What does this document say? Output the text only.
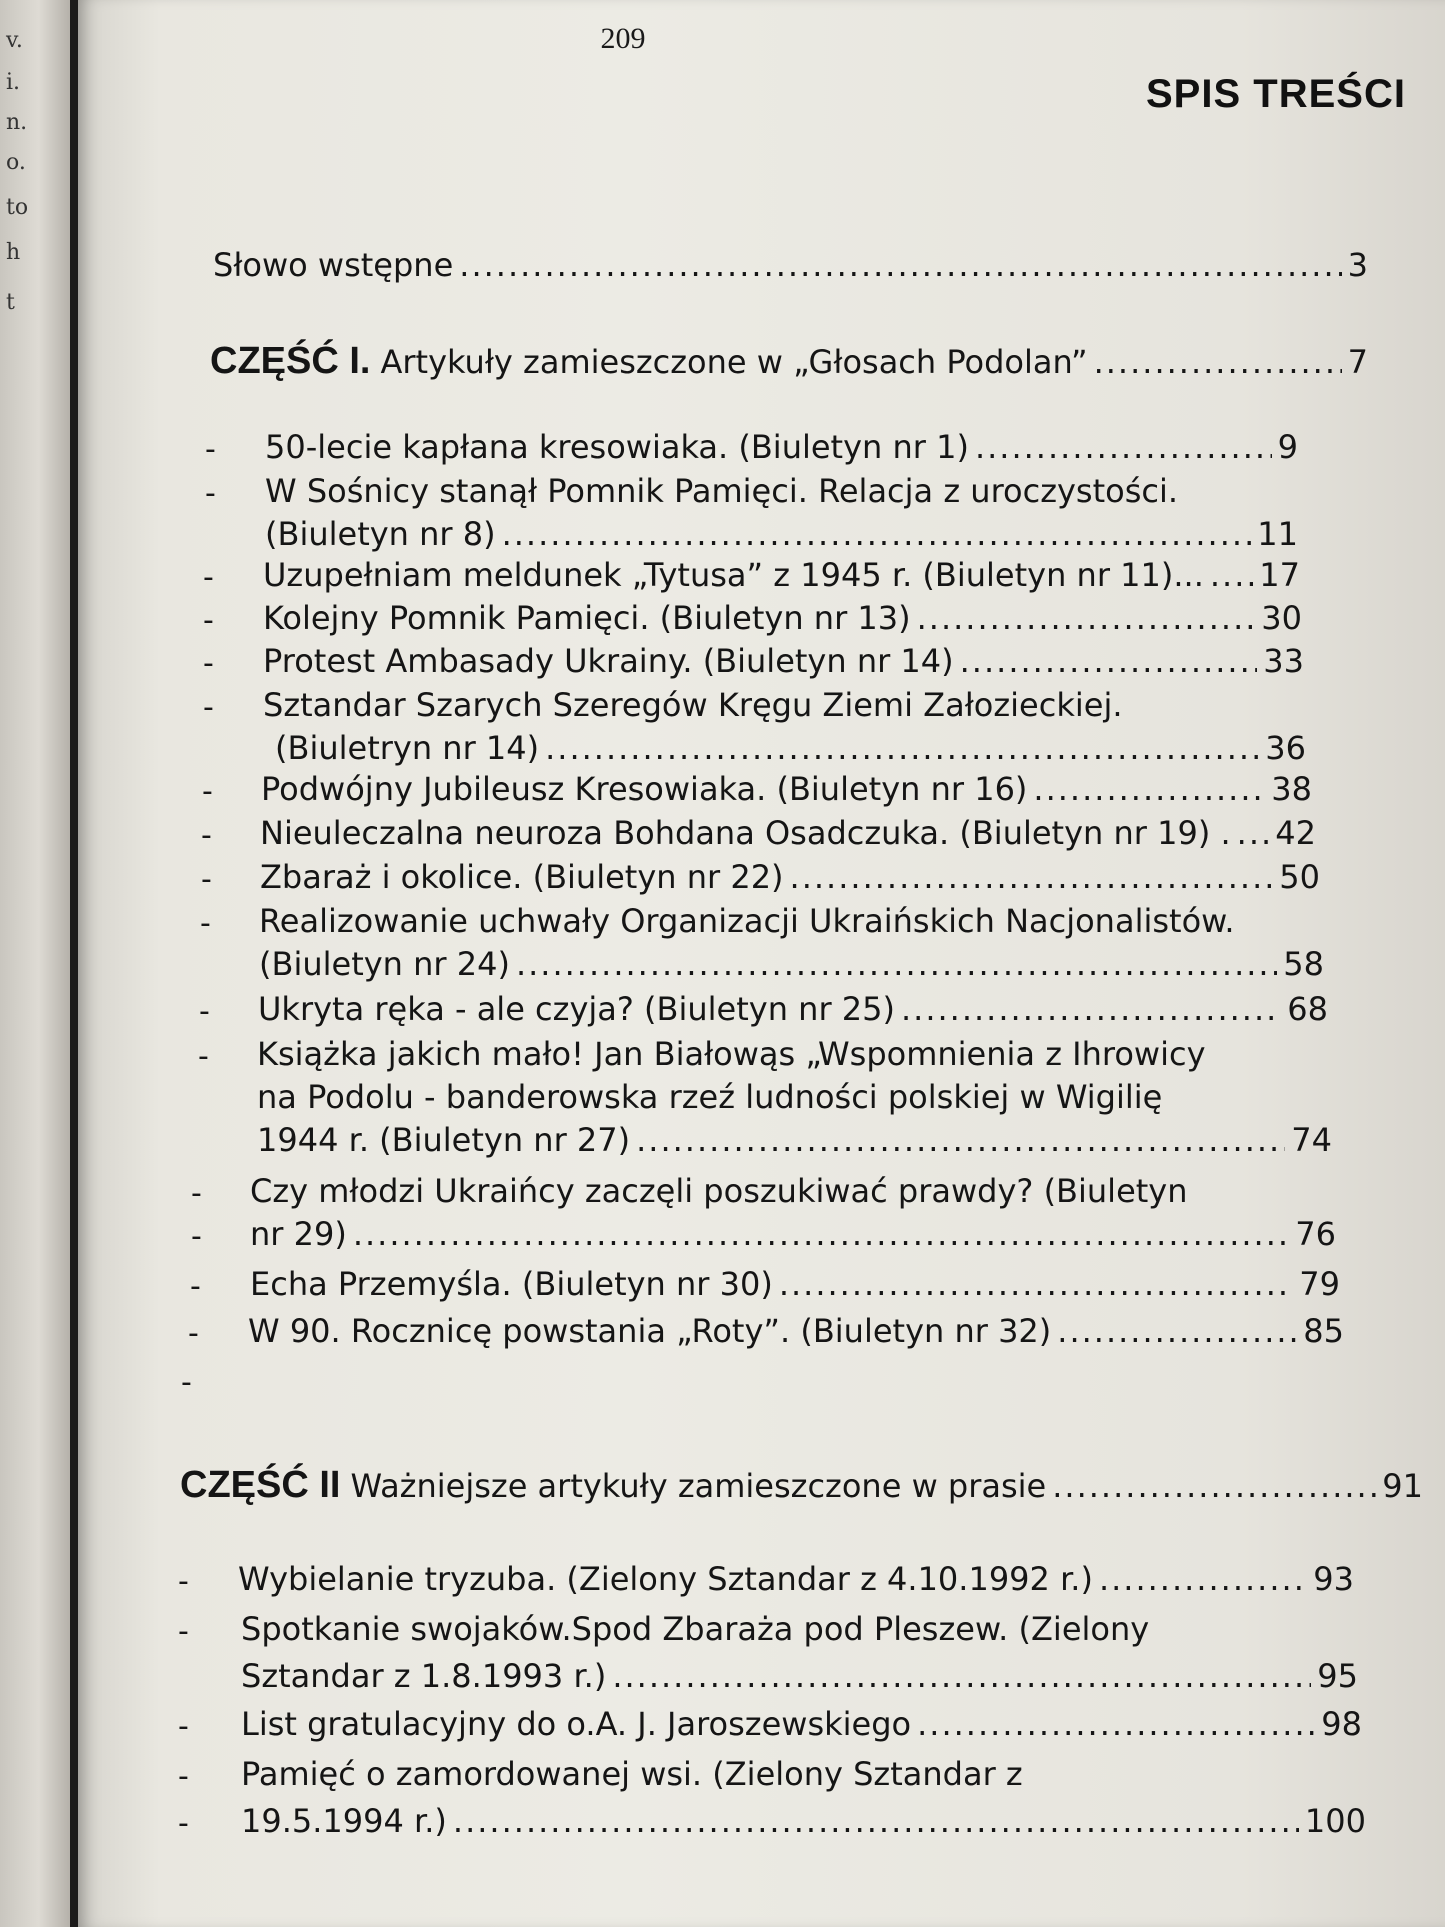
v.
i.
n.
o.
to
h
t
209
SPIS TREŚCI
Słowo wstępne .....	3
CZĘŚĆ I. Artykuły zamieszczone w „Głosach Podolan” .....	7
- 50-lecie kapłana kresowiaka. (Biuletyn nr 1) .....	9
- W Sośnicy stanął Pomnik Pamięci. Relacja z uroczystości.
(Biuletyn nr 8) .....	11
- Uzupełniam meldunek „Tytusa” z 1945 r. (Biuletyn nr 11)... ..... 17
- Kolejny Pomnik Pamięci. (Biuletyn nr 13) .....	30
- Protest Ambasady Ukrainy. (Biuletyn nr 14) .....	33
- Sztandar Szarych Szeregów Kręgu Ziemi Załozieckiej.
(Biuletryn nr 14) .....	36
- Podwójny Jubileusz Kresowiaka. (Biuletyn nr 16) .....	38
- Nieuleczalna neuroza Bohdana Osadczuka. (Biuletyn nr 19) . ..... 42
- Zbaraż i okolice. (Biuletyn nr 22) .....	50
- Realizowanie uchwały Organizacji Ukraińskich Nacjonalistów.
(Biuletyn nr 24) .....	58
- Ukryta ręka - ale czyja? (Biuletyn nr 25) .....	68
- Książka jakich mało! Jan Białowąs „Wspomnienia z Ihrowicy
na Podolu - banderowska rzeź ludności polskiej w Wigilię
1944 r. (Biuletyn nr 27) .....	74
- Czy młodzi Ukraińcy zaczęli poszukiwać prawdy? (Biuletyn
- nr 29) .....	76
- Echa Przemyśla. (Biuletyn nr 30) .....	79
- W 90. Rocznicę powstania „Roty”. (Biuletyn nr 32) .....	85
CZĘŚĆ II Ważniejsze artykuły zamieszczone w prasie .....	91
- Wybielanie tryzuba. (Zielony Sztandar z 4.10.1992 r.) .....	93
- Spotkanie swojaków.Spod Zbaraża pod Pleszew. (Zielony
Sztandar z 1.8.1993 r.) .....	95
- List gratulacyjny do o.A. J. Jaroszewskiego .....	98
- Pamięć o zamordowanej wsi. (Zielony Sztandar z
- 19.5.1994 r.) .....	100
-
